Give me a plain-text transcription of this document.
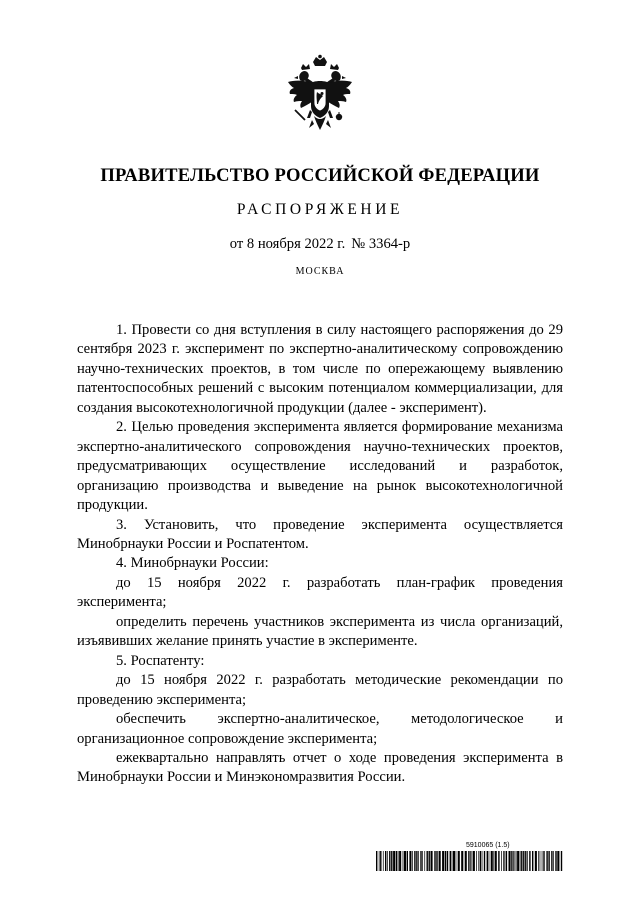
ПРАВИТЕЛЬСТВО РОССИЙСКОЙ ФЕДЕРАЦИИ
РАСПОРЯЖЕНИЕ
от 8 ноября 2022 г. № 3364-р
МОСКВА

1. Провести со дня вступления в силу настоящего распоряжения до 29 сентября 2023 г. эксперимент по экспертно-аналитическому сопровождению научно-технических проектов, в том числе по опережающему выявлению патентоспособных решений с высоким потенциалом коммерциализации, для создания высокотехнологичной продукции (далее - эксперимент).

2. Целью проведения эксперимента является формирование механизма экспертно-аналитического сопровождения научно-технических проектов, предусматривающих осуществление исследований и разработок, организацию производства и выведение на рынок высокотехнологичной продукции.

3. Установить, что проведение эксперимента осуществляется Минобрнауки России и Роспатентом.

4. Минобрнауки России:

до 15 ноября 2022 г. разработать план-график проведения эксперимента;

определить перечень участников эксперимента из числа организаций, изъявивших желание принять участие в эксперименте.

5. Роспатенту:

до 15 ноября 2022 г. разработать методические рекомендации по проведению эксперимента;

обеспечить экспертно-аналитическое, методологическое и организационное сопровождение эксперимента;

ежеквартально направлять отчет о ходе проведения эксперимента в Минобрнауки России и Минэкономразвития России.

5910065 (1.5)
